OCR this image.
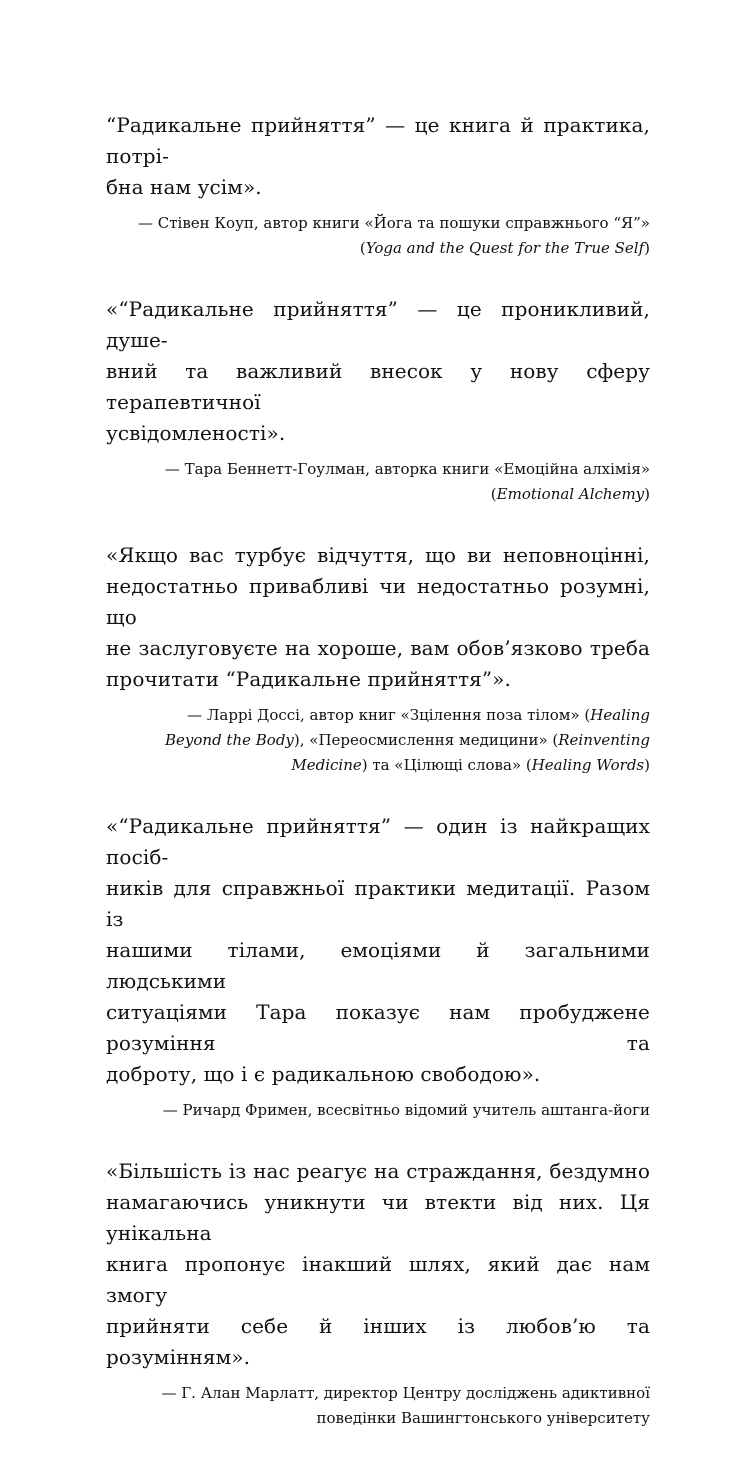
“Радикальне прийняття” — це книга й практика, потрі-
бна нам усім».
— Стівен Коуп, автор книги «Йога та пошуки справжнього “Я”»
(Yoga and the Quest for the True Self)
«“Радикальне прийняття” — це проникливий, душе-
вний та важливий внесок у нову сферу терапевтичної
усвідомленості».
— Тара Беннетт-Гоулман, авторка книги «Емоційна алхімія»
(Emotional Alchemy)
«Якщо вас турбує відчуття, що ви неповноцінні,
недостатньо привабливі чи недостатньо розумні, що
не заслуговуєте на хороше, вам обов’язково треба
прочитати “Радикальне прийняття”».
— Ларрі Доссі, автор книг «Зцілення поза тілом» (Healing
Beyond the Body), «Переосмислення медицини» (Reinventing
Medicine) та «Цілющі слова» (Healing Words)
«“Радикальне прийняття” — один із найкращих посіб-
ників для справжньої практики медитації. Разом із
нашими тілами, емоціями й загальними людськими
ситуаціями Тара показує нам пробуджене розуміння та
доброту, що і є радикальною свободою».
— Ричард Фримен, всесвітньо відомий учитель аштанга-йоги
«Більшість із нас реагує на страждання, бездумно
намагаючись уникнути чи втекти від них. Ця унікальна
книга пропонує інакший шлях, який дає нам змогу
прийняти себе й інших із любов’ю та розумінням».
— Г. Алан Марлатт, директор Центру досліджень адиктивної
поведінки Вашингтонського університету
